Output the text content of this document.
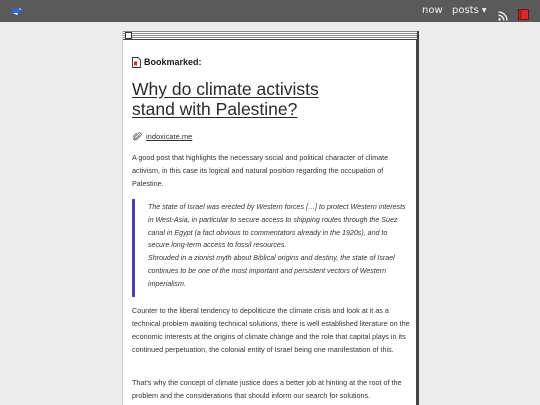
now posts ▼
Bookmarked:
Why do climate activists
stand with Palestine?
indoxicate.me

A good post that highlights the necessary social and political character of climate activism, in this case its logical and natural position regarding the occupation of Palestine.

The state of Israel was erected by Western forces […] to protect Western interests in West-Asia, in particular to secure access to shipping routes through the Suez canal in Egypt (a fact obvious to commentators already in the 1920s), and to secure long-term access to fossil resources.

Shrouded in a zionist myth about Biblical origins and destiny, the state of Israel continues to be one of the most important and persistent vectors of Western imperialism.

Counter to the liberal tendency to depoliticize the climate crisis and look at it as a technical problem awaiting technical solutions, there is well established literature on the economic interests at the origins of climate change and the role that capital plays in its continued perpetuation, the colonial entity of Israel being one manifestation of this.

That's why the concept of climate justice does a better job at hinting at the root of the problem and the considerations that should inform our search for solutions.
